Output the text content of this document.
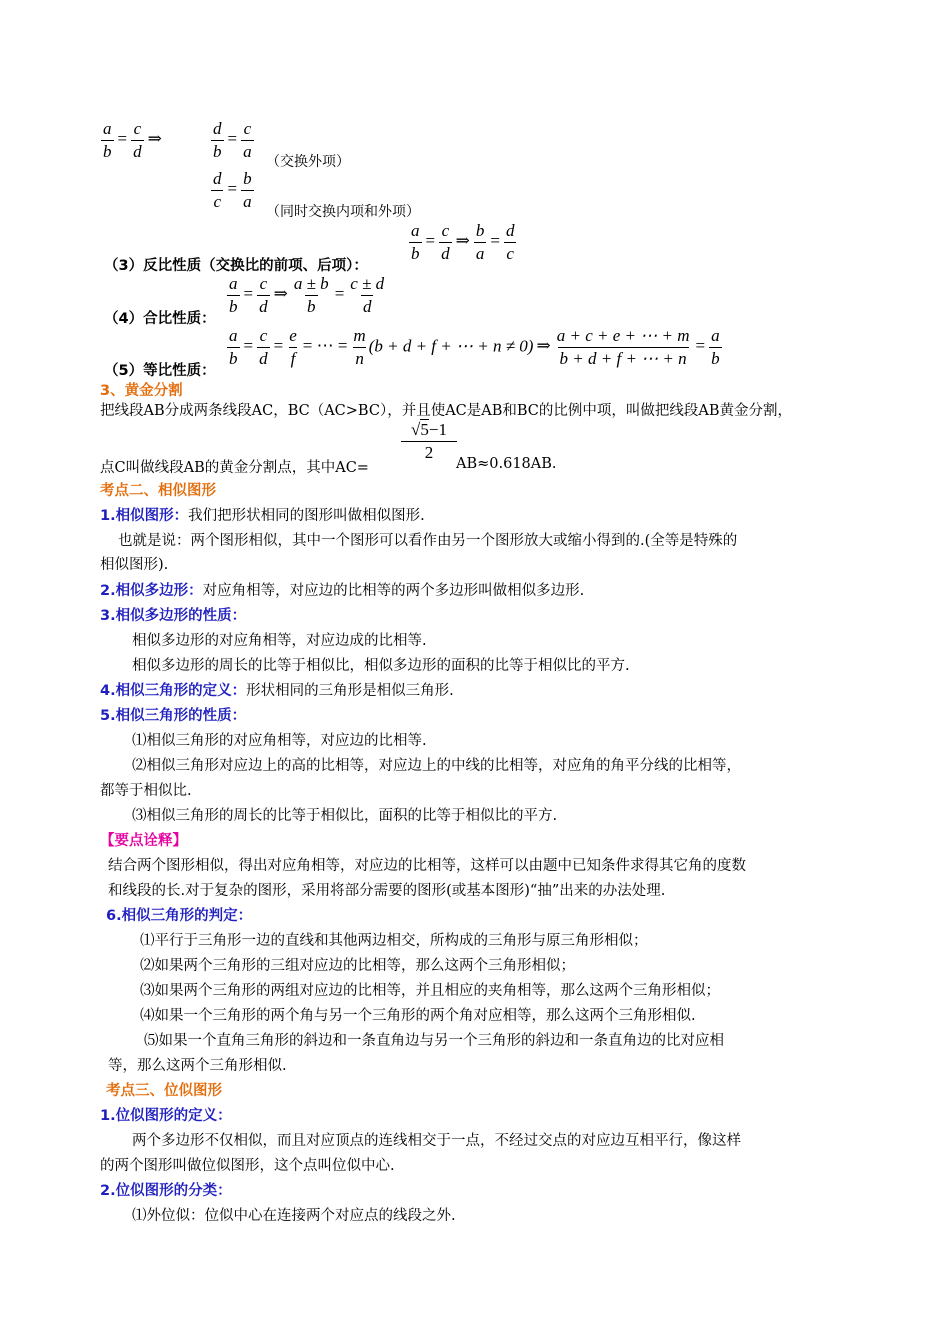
$\frac{a}{b} = \frac{c}{d}$ ⇒	$\frac{d}{b} = \frac{c}{a}$
（交换外项）
$\frac{d}{c} = \frac{b}{a}$
（同时交换内项和外项）
（3）反比性质（交换比的前项、后项）：
$\frac{a}{b} = \frac{c}{d}$ ⇒ $\frac{b}{a} = \frac{d}{c}$
（4）合比性质：
$\frac{a}{b} = \frac{c}{d}$ ⇒ $\frac{a \pm b}{b} = \frac{c \pm d}{d}$
（5）等比性质：
$\frac{a}{b} = \frac{c}{d} = \frac{e}{f}$ = ⋯ = $\frac{m}{n} (b + d + f$ + ⋯ + n ≠ 0) ⇒ $\frac{a + c + e + \cdots + m}{b + d + f + \cdots + n} = \frac{a}{b}$
3、黄金分割
把线段AB分成两条线段AC，BC（AC>BC），并且使AC是AB和BC的比例中项，叫做把线段AB黄金分割，
$\frac{√5-1}{2}$
点C叫做线段AB的黄金分割点，其中AC=	AB≈0.618AB.
考点二、相似图形
1.相似图形：我们把形状相同的图形叫做相似图形.
也就是说：两个图形相似，其中一个图形可以看作由另一个图形放大或缩小得到的.(全等是特殊的
相似图形).
2.相似多边形：对应角相等，对应边的比相等的两个多边形叫做相似多边形.
3.相似多边形的性质：
相似多边形的对应角相等，对应边成的比相等.
相似多边形的周长的比等于相似比，相似多边形的面积的比等于相似比的平方.
4.相似三角形的定义：形状相同的三角形是相似三角形.
5.相似三角形的性质：
⑴相似三角形的对应角相等，对应边的比相等.
⑵相似三角形对应边上的高的比相等，对应边上的中线的比相等，对应角的角平分线的比相等，
都等于相似比.
⑶相似三角形的周长的比等于相似比，面积的比等于相似比的平方.
【要点诠释】
结合两个图形相似，得出对应角相等，对应边的比相等，这样可以由题中已知条件求得其它角的度数
和线段的长.对于复杂的图形，采用将部分需要的图形(或基本图形)“抽”出来的办法处理.
6.相似三角形的判定：
⑴平行于三角形一边的直线和其他两边相交，所构成的三角形与原三角形相似；
⑵如果两个三角形的三组对应边的比相等，那么这两个三角形相似；
⑶如果两个三角形的两组对应边的比相等，并且相应的夹角相等，那么这两个三角形相似；
⑷如果一个三角形的两个角与另一个三角形的两个角对应相等，那么这两个三角形相似.
⑸如果一个直角三角形的斜边和一条直角边与另一个三角形的斜边和一条直角边的比对应相
等，那么这两个三角形相似.
考点三、位似图形
1.位似图形的定义：
两个多边形不仅相似，而且对应顶点的连线相交于一点，不经过交点的对应边互相平行，像这样
的两个图形叫做位似图形，这个点叫位似中心.
2.位似图形的分类：
⑴外位似：位似中心在连接两个对应点的线段之外.
